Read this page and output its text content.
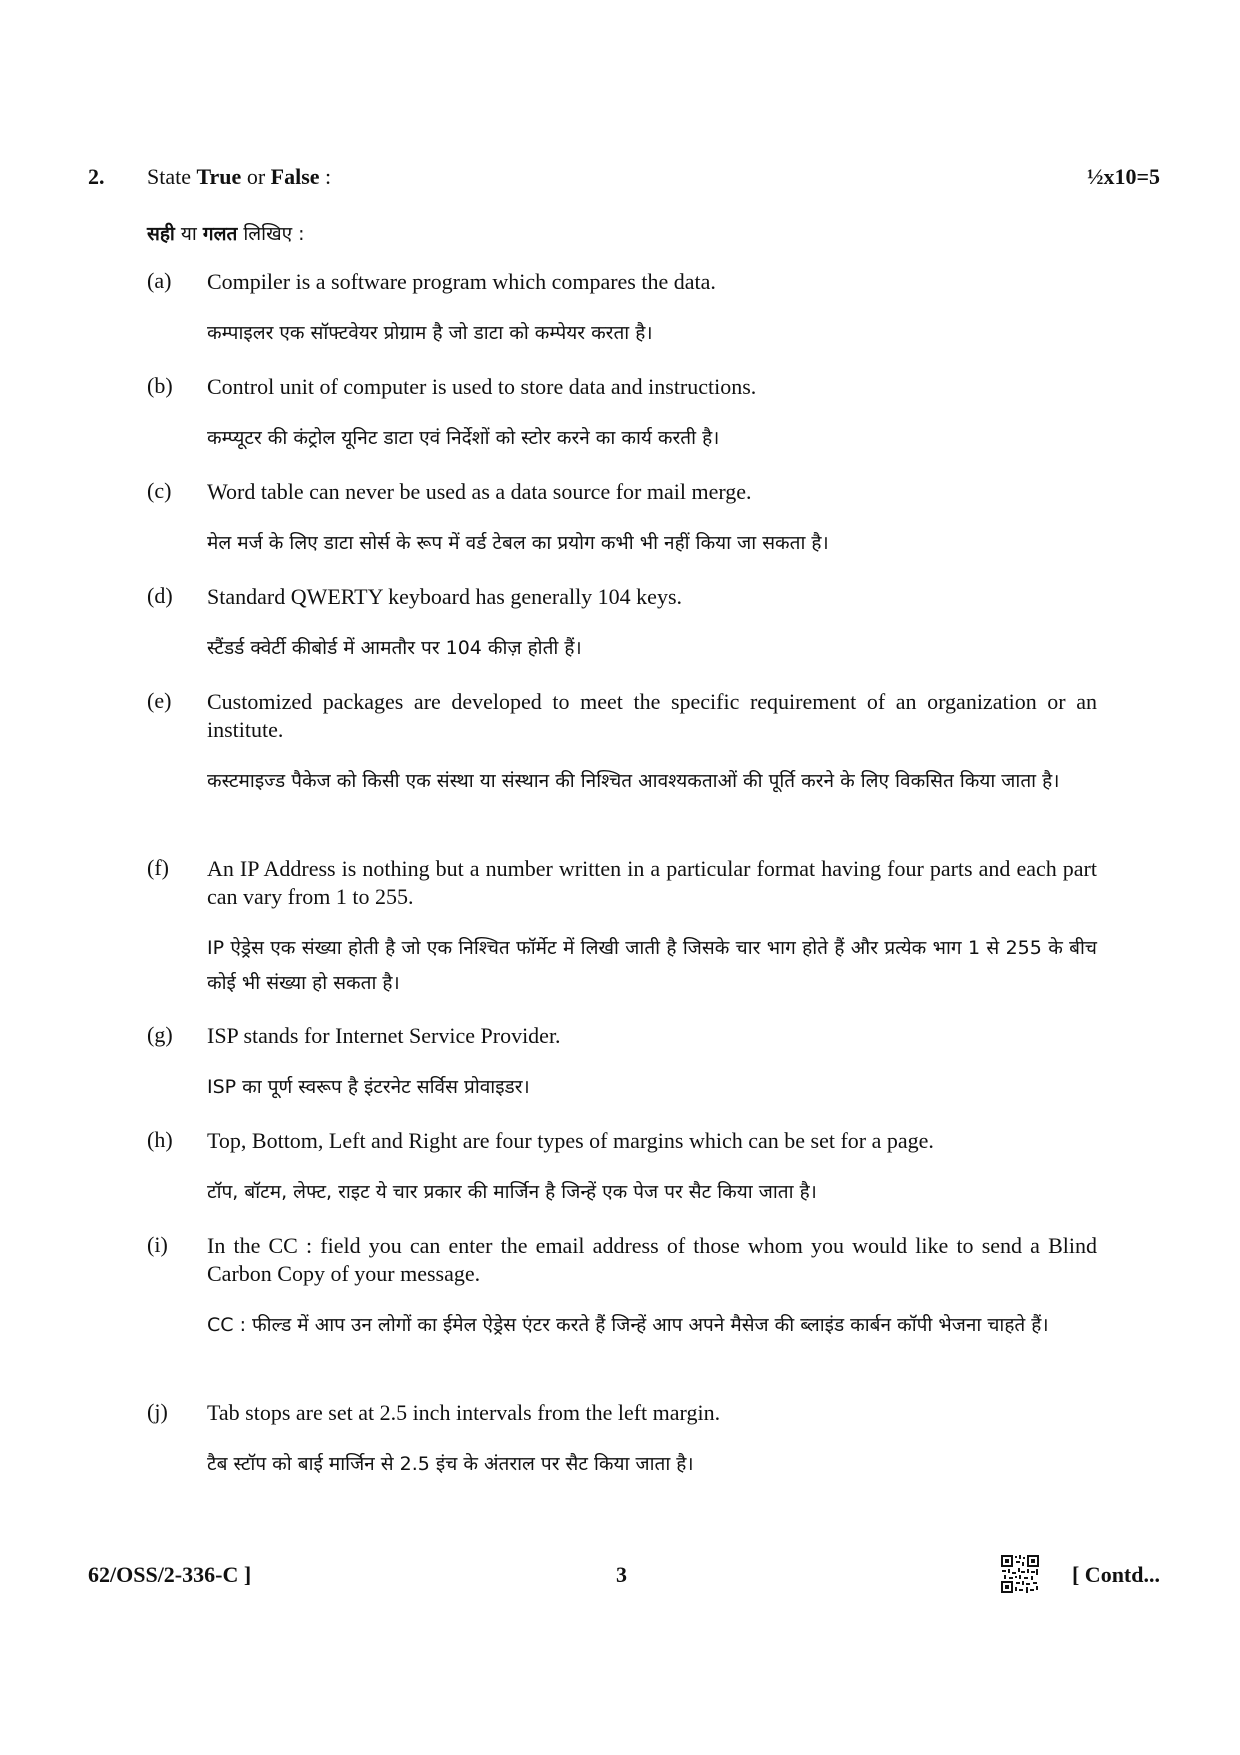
2. State True or False :	½x10=5
सही या गलत लिखिए :
(a) Compiler is a software program which compares the data.
कम्पाइलर एक सॉफ्टवेयर प्रोग्राम है जो डाटा को कम्पेयर करता है।
(b) Control unit of computer is used to store data and instructions.
कम्प्यूटर की कंट्रोल यूनिट डाटा एवं निर्देशों को स्टोर करने का कार्य करती है।
(c) Word table can never be used as a data source for mail merge.
मेल मर्ज के लिए डाटा सोर्स के रूप में वर्ड टेबल का प्रयोग कभी भी नहीं किया जा सकता है।
(d) Standard QWERTY keyboard has generally 104 keys.
स्टैंडर्ड क्वेर्टी कीबोर्ड में आमतौर पर 104 कीज़ होती हैं।
(e) Customized packages are developed to meet the specific requirement of an organization or an institute.
कस्टमाइज्ड पैकेज को किसी एक संस्था या संस्थान की निश्चित आवश्यकताओं की पूर्ति करने के लिए विकसित किया जाता है।
(f) An IP Address is nothing but a number written in a particular format having four parts and each part can vary from 1 to 255.
IP ऐड्रेस एक संख्या होती है जो एक निश्चित फॉर्मेट में लिखी जाती है जिसके चार भाग होते हैं और प्रत्येक भाग 1 से 255 के बीच कोई भी संख्या हो सकता है।
(g) ISP stands for Internet Service Provider.
ISP का पूर्ण स्वरूप है इंटरनेट सर्विस प्रोवाइडर।
(h) Top, Bottom, Left and Right are four types of margins which can be set for a page.
टॉप, बॉटम, लेफ्ट, राइट ये चार प्रकार की मार्जिन है जिन्हें एक पेज पर सैट किया जाता है।
(i) In the CC : field you can enter the email address of those whom you would like to send a Blind Carbon Copy of your message.
CC : फील्ड में आप उन लोगों का ईमेल ऐड्रेस एंटर करते हैं जिन्हें आप अपने मैसेज की ब्लाइंड कार्बन कॉपी भेजना चाहते हैं।
(j) Tab stops are set at 2.5 inch intervals from the left margin.
टैब स्टॉप को बाई मार्जिन से 2.5 इंच के अंतराल पर सैट किया जाता है।
62/OSS/2-336-C ]	3	[ Contd...
